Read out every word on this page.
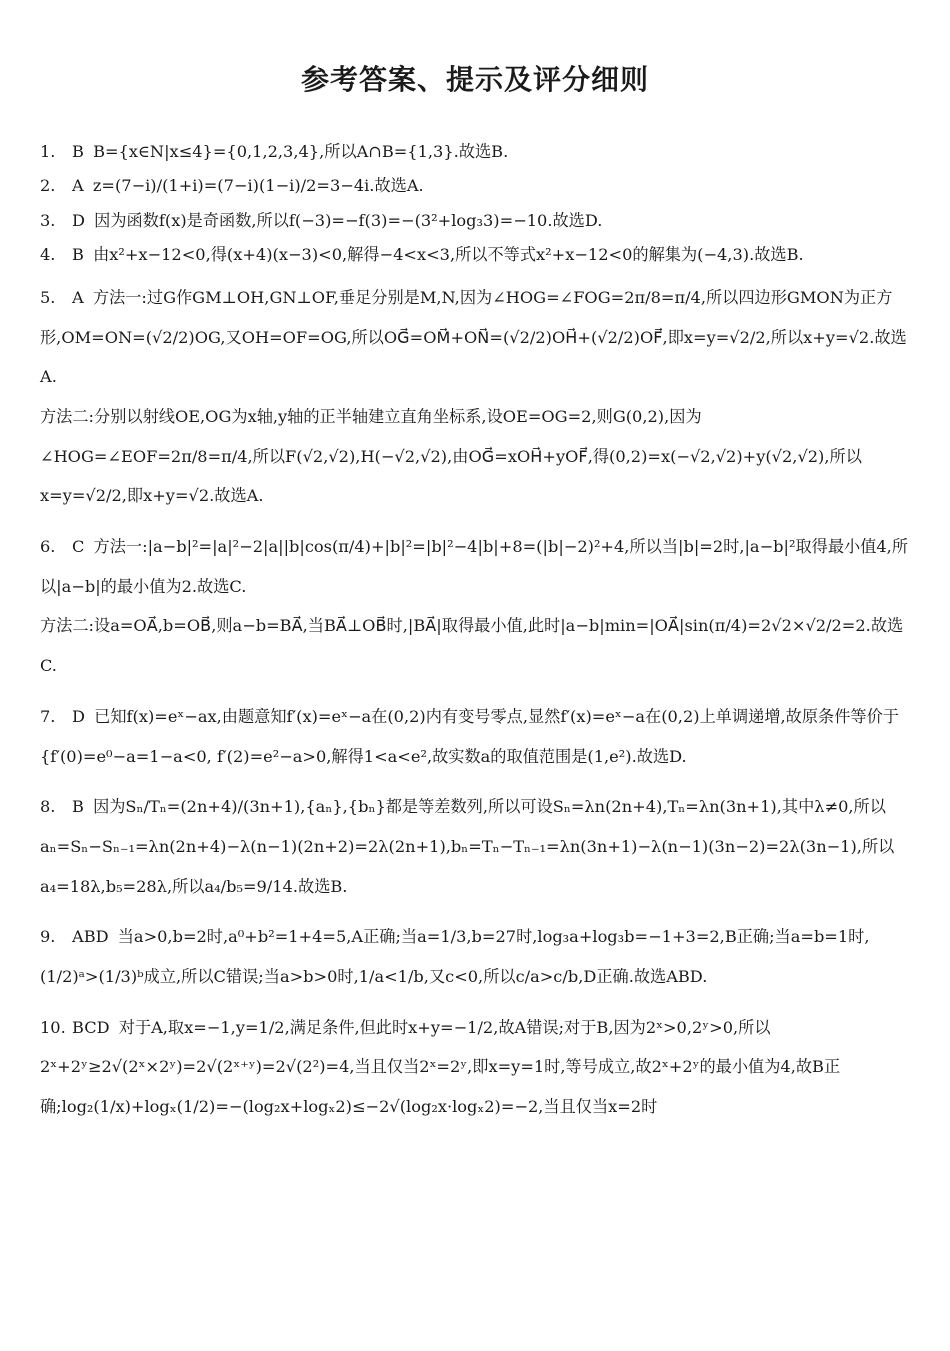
参考答案、提示及评分细则
1. B B={x∈N|x≤4}={0,1,2,3,4},所以A∩B={1,3}.故选B.
2. A z=(7−i)/(1+i)=(7−i)(1−i)/2=3−4i.故选A.
3. D 因为函数f(x)是奇函数,所以f(−3)=−f(3)=−(3²+log₃3)=−10.故选D.
4. B 由x²+x−12<0,得(x+4)(x−3)<0,解得−4<x<3,所以不等式x²+x−12<0的解集为(−4,3).故选B.
5. A 方法一:过G作GM⊥OH,GN⊥OF,垂足分别是M,N,因为∠HOG=∠FOG=2π/8=π/4,所以四边形GMON为正方形,OM=ON=(√2/2)OG,又OH=OF=OG,所以OG⃗=OM⃗+ON⃗=(√2/2)OH⃗+(√2/2)OF⃗,即x=y=√2/2,所以x+y=√2.故选A.
方法二:分别以射线OE,OG为x轴,y轴的正半轴建立直角坐标系,设OE=OG=2,则G(0,2),因为∠HOG=∠EOF=2π/8=π/4,所以F(√2,√2),H(−√2,√2),由OG⃗=xOH⃗+yOF⃗,得(0,2)=x(−√2,√2)+y(√2,√2),所以x=y=√2/2,即x+y=√2.故选A.
6. C 方法一:|a−b|²=|a|²−2|a||b|cos(π/4)+|b|²=|b|²−4|b|+8=(|b|−2)²+4,所以当|b|=2时,|a−b|²取得最小值4,所以|a−b|的最小值为2.故选C.
方法二:设a=OA⃗,b=OB⃗,则a−b=BA⃗,当BA⃗⊥OB⃗时,|BA⃗|取得最小值,此时|a−b|min=|OA⃗|sin(π/4)=2√2×√2/2=2.故选C.
7. D 已知f(x)=eˣ−ax,由题意知f′(x)=eˣ−a在(0,2)内有变号零点,显然f′(x)=eˣ−a在(0,2)上单调递增,故原条件等价于{f′(0)=e⁰−a=1−a<0, f′(2)=e²−a>0,解得1<a<e²,故实数a的取值范围是(1,e²).故选D.
8. B 因为Sₙ/Tₙ=(2n+4)/(3n+1),{aₙ},{bₙ}都是等差数列,所以可设Sₙ=λn(2n+4),Tₙ=λn(3n+1),其中λ≠0,所以aₙ=Sₙ−Sₙ₋₁=λn(2n+4)−λ(n−1)(2n+2)=2λ(2n+1),bₙ=Tₙ−Tₙ₋₁=λn(3n+1)−λ(n−1)(3n−2)=2λ(3n−1),所以a₄=18λ,b₅=28λ,所以a₄/b₅=9/14.故选B.
9. ABD 当a>0,b=2时,a⁰+b²=1+4=5,A正确;当a=1/3,b=27时,log₃a+log₃b=−1+3=2,B正确;当a=b=1时,(1/2)ᵃ>(1/3)ᵇ成立,所以C错误;当a>b>0时,1/a<1/b,又c<0,所以c/a>c/b,D正确.故选ABD.
10. BCD 对于A,取x=−1,y=1/2,满足条件,但此时x+y=−1/2,故A错误;对于B,因为2ˣ>0,2ʸ>0,所以2ˣ+2ʸ≥2√(2ˣ×2ʸ)=2√(2ˣ⁺ʸ)=2√(2²)=4,当且仅当2ˣ=2ʸ,即x=y=1时,等号成立,故2ˣ+2ʸ的最小值为4,故B正确;log₂(1/x)+logₓ(1/2)=−(log₂x+logₓ2)≤−2√(log₂x·logₓ2)=−2,当且仅当x=2时
